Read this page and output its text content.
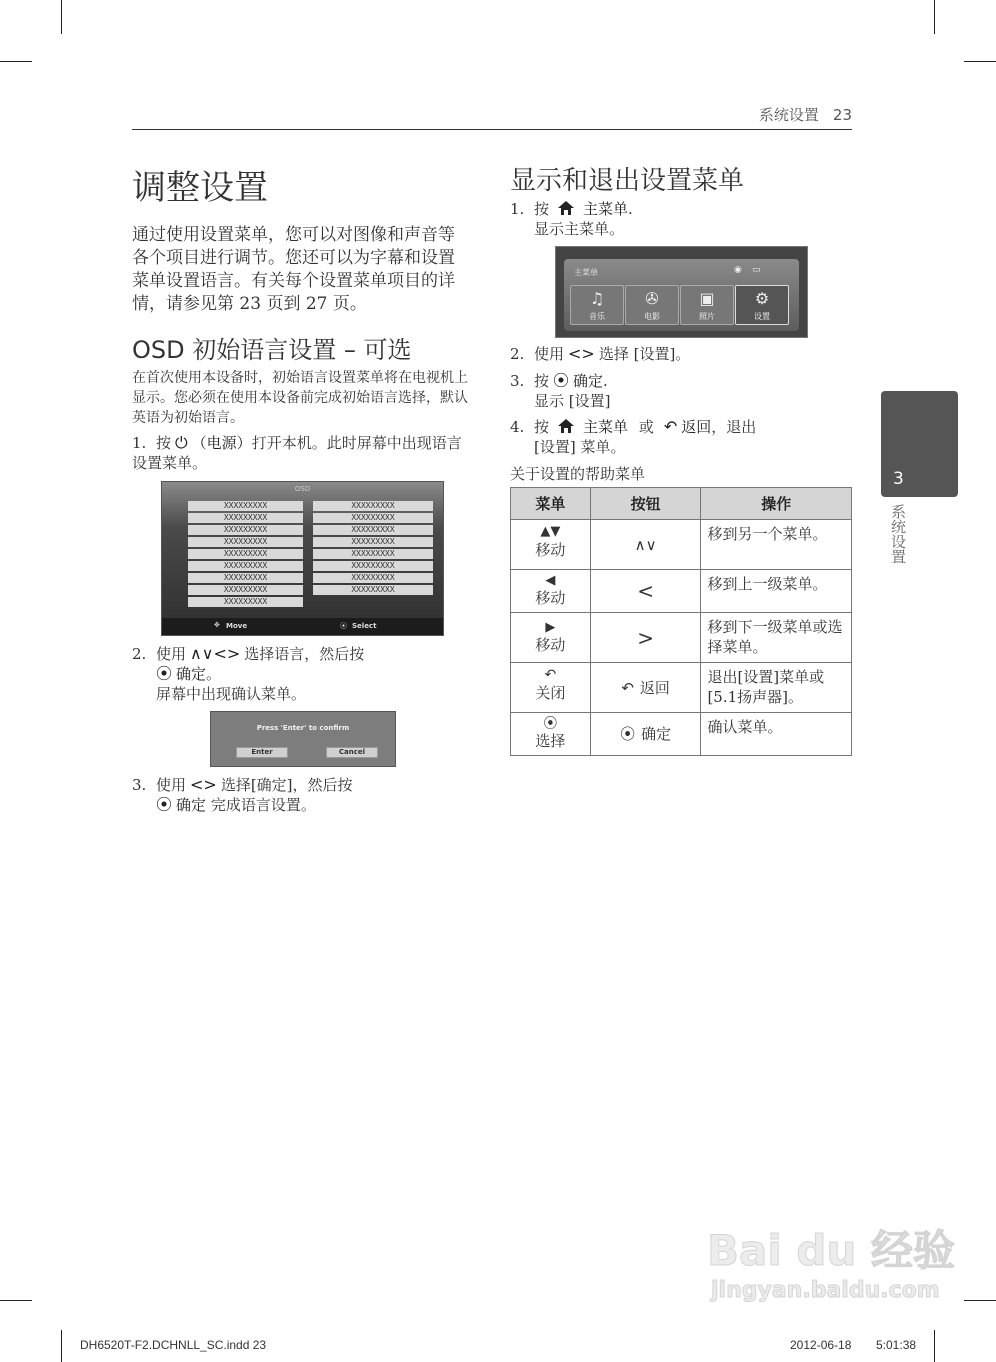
系统设置 23
调整设置
通过使用设置菜单，您可以对图像和声音等各个项目进行调节。您还可以为字幕和设置菜单设置语言。有关每个设置菜单项目的详情，请参见第 23 页到 27 页。
OSD 初始语言设置 – 可选
在首次使用本设备时，初始语言设置菜单将在电视机上显示。您必须在使用本设备前完成初始语言选择，默认英语为初始语言。
1. 按 ⏻ （电源）打开本机。此时屏幕中出现语言设置菜单。
OSD
XXXXXXXXX
XXXXXXXXX
XXXXXXXXX
XXXXXXXXX
XXXXXXXXX
XXXXXXXXX
XXXXXXXXX
XXXXXXXXX
XXXXXXXXX
XXXXXXXXX
XXXXXXXXX
XXXXXXXXX
XXXXXXXXX
XXXXXXXXX
XXXXXXXXX
XXXXXXXXX
XXXXXXXXX
✥ Move	⦿ Select
2. 使用 ∧∨<> 选择语言，然后按
⦿ 确定。
屏幕中出现确认菜单。
Press 'Enter' to confirm
Enter	Cancel
3. 使用 <> 选择[确定]，然后按
⦿ 确定 完成语言设置。
显示和退出设置菜单
1. 按 主菜单.
显示主菜单。
主菜单	◉ ▭
♫
音乐
✇
电影
▣
照片
⚙
设置
2. 使用 <> 选择 [设置]。
3. 按 ⦿ 确定.
显示 [设置]
4. 按 主菜单 或 ↶ 返回，退出
[设置] 菜单。
关于设置的帮助菜单
菜单	按钮	操作

▲▼
移动	∧∨	移到另一个菜单。

◀
移动	<	移到上一级菜单。

▶
移动	>	移到下一级菜单或选择菜单。

↶
关闭	↶ 返回	退出[设置]菜单或[5.1扬声器]。

⦿
选择	⦿ 确定	确认菜单。
3
系统设置
Bai du 经验
jingyan.baidu.com
DH6520T-F2.DCHNLL_SC.indd 23	2012-06-18 5:01:38
